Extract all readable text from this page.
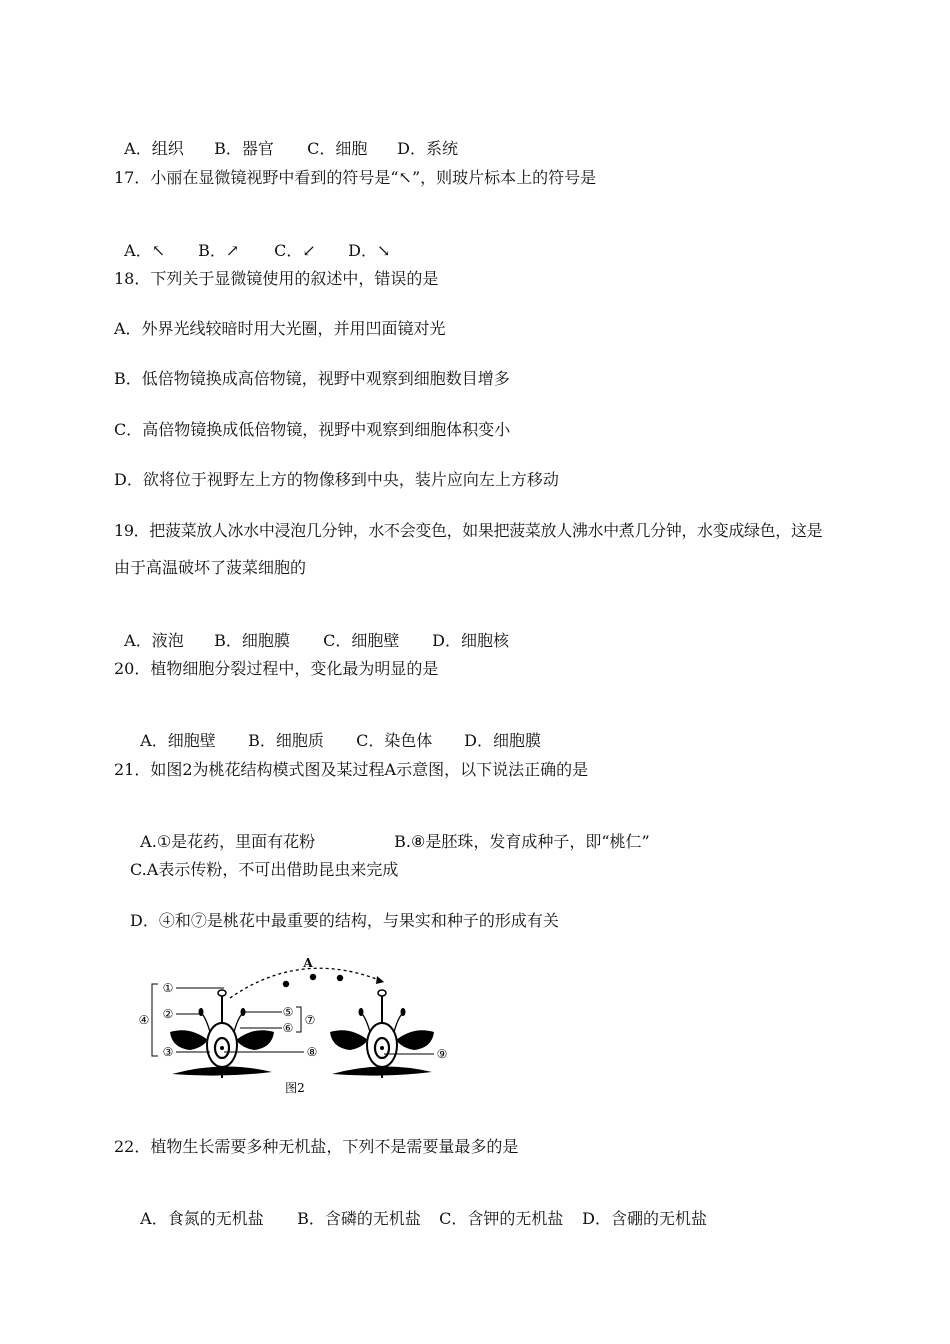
A．组织 B．器官 C．细胞 D．系统

17．小丽在显微镜视野中看到的符号是“↖”，则玻片标本上的符号是

A．↖ B．↗ C．↙ D．↘

18．下列关于显微镜使用的叙述中，错误的是
A．外界光线较暗时用大光圈，并用凹面镜对光
B．低倍物镜换成高倍物镜，视野中观察到细胞数目增多
C．高倍物镜换成低倍物镜，视野中观察到细胞体积变小
D．欲将位于视野左上方的物像移到中央，装片应向左上方移动
19．把菠菜放人冰水中浸泡几分钟，水不会变色，如果把菠菜放人沸水中煮几分钟，水变成绿色，这是
由于高温破坏了菠菜细胞的

A．液泡 B．细胞膜 C．细胞壁 D．细胞核

20．植物细胞分裂过程中，变化最为明显的是

A．细胞壁 B．细胞质 C．染色体 D．细胞膜

21．如图2为桃花结构模式图及某过程A示意图，以下说法正确的是

A.①是花药，里面有花粉	B.⑧是胚珠，发育成种子，即“桃仁”

C.A表示传粉，不可出借助昆虫来完成
D．④和⑦是桃花中最重要的结构，与果实和种子的形成有关
A
①
②
③
④
⑤
⑥
⑦
⑧	⑨
图2
22．植物生长需要多种无机盐，下列不是需要量最多的是

A．食氮的无机盐 B．含磷的无机盐 C．含钾的无机盐 D．含硼的无机盐
